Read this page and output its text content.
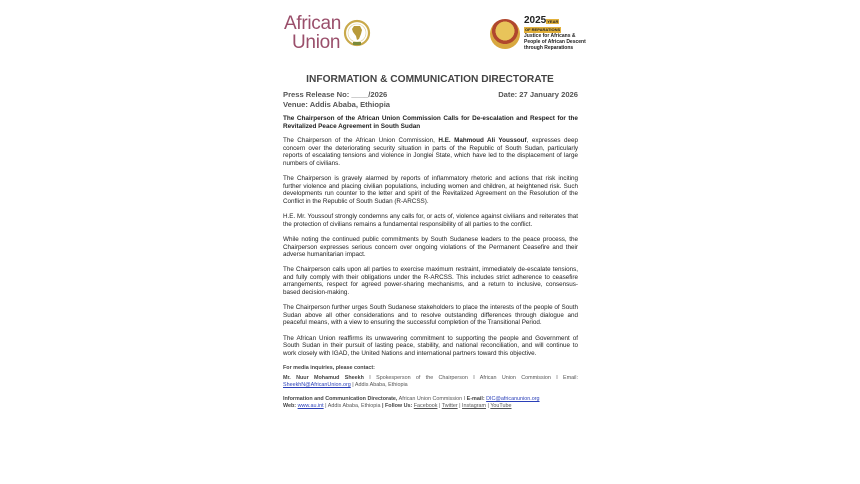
African
Union
2025YEAR
OF REPARATIONS
Justice for Africans &
People of African Descent
through Reparations
INFORMATION & COMMUNICATION DIRECTORATE
Press Release No: ____/2026	Date: 27 January 2026
Venue: Addis Ababa, Ethiopia

The Chairperson of the African Union Commission Calls for De-escalation and Respect for the Revitalized Peace Agreement in South Sudan

The Chairperson of the African Union Commission, H.E. Mahmoud Ali Youssouf, expresses deep concern over the deteriorating security situation in parts of the Republic of South Sudan, particularly reports of escalating tensions and violence in Jonglei State, which have led to the displacement of large numbers of civilians.

The Chairperson is gravely alarmed by reports of inflammatory rhetoric and actions that risk inciting further violence and placing civilian populations, including women and children, at heightened risk. Such developments run counter to the letter and spirit of the Revitalized Agreement on the Resolution of the Conflict in the Republic of South Sudan (R-ARCSS).

H.E. Mr. Youssouf strongly condemns any calls for, or acts of, violence against civilians and reiterates that the protection of civilians remains a fundamental responsibility of all parties to the conflict.

While noting the continued public commitments by South Sudanese leaders to the peace process, the Chairperson expresses serious concern over ongoing violations of the Permanent Ceasefire and their adverse humanitarian impact.

The Chairperson calls upon all parties to exercise maximum restraint, immediately de-escalate tensions, and fully comply with their obligations under the R-ARCSS. This includes strict adherence to ceasefire arrangements, respect for agreed power-sharing mechanisms, and a return to inclusive, consensus-based decision-making.

The Chairperson further urges South Sudanese stakeholders to place the interests of the people of South Sudan above all other considerations and to resolve outstanding differences through dialogue and peaceful means, with a view to ensuring the successful completion of the Transitional Period.

The African Union reaffirms its unwavering commitment to supporting the people and Government of South Sudan in their pursuit of lasting peace, stability, and national reconciliation, and will continue to work closely with IGAD, the United Nations and international partners toward this objective.

For media inquiries, please contact:
Mr. Nuur Mohamud Sheekh I Spokesperson of the Chairperson I African Union Commission I Email: SheekhN@AfricanUnion.org | Addis Ababa, Ethiopia
Information and Communication Directorate, African Union Commission I E-mail: DIC@africanunion.org
Web: www.au.int | Addis Ababa, Ethiopia | Follow Us: Facebook | Twitter | Instagram | YouTube
